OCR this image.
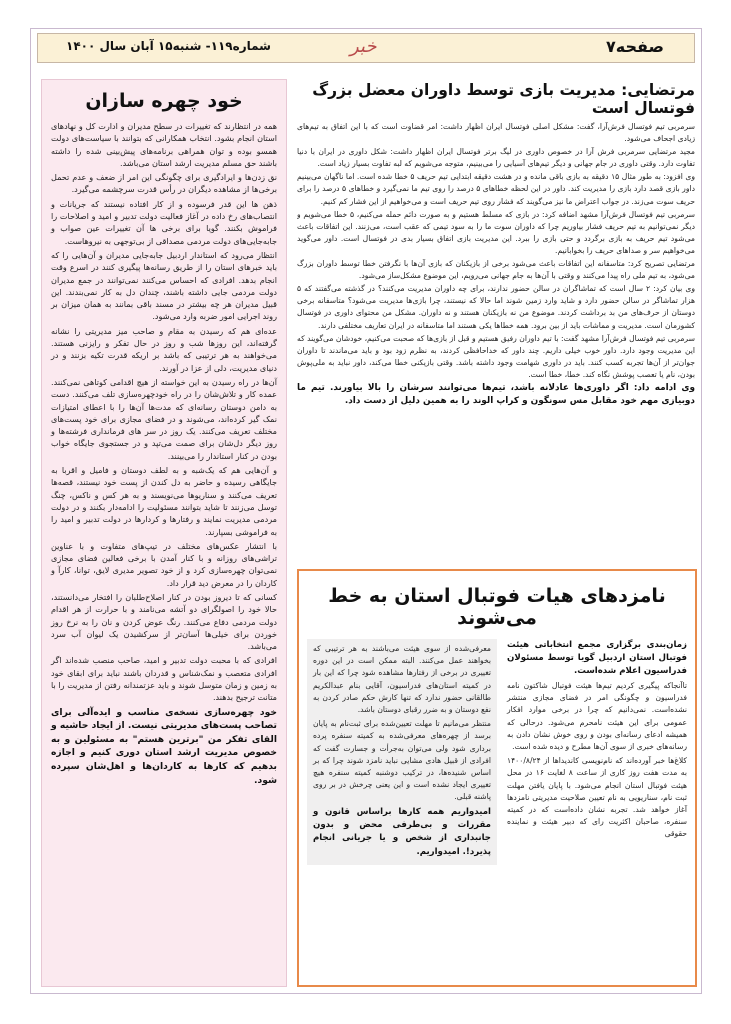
شماره۱۱۹- شنبه۱۵ آبان سال ۱۴۰۰	خبر	صفحه۷
خود چهره سازان

همه در انتظارند که تغییرات در سطح مدیران و ادارت کل و نهادهای استان انجام بشود. انتخاب همکارانی که بتوانند با سیاست‌های دولت همسو بوده و توان همراهی برنامه‌های پیش‌بینی شده را داشته باشند حق مسلم مدیریت ارشد استان می‌باشد.

نق زدن‌ها و ایرادگیری برای چگونگی این امر از ضعف و عدم تحمل برخی‌ها از مشاهده دیگران در رأس قدرت سرچشمه می‌گیرد.

ذهن ها این قدر فرسوده و از کار افتاده نیستند که جریانات و انتصاب‌های رخ داده در آغاز فعالیت دولت تدبیر و امید و اصلاحات را فراموش بکنند. گویا برای برخی ها آن تغییرات عین صواب و جابه‌جایی‌های دولت مردمی مصداقی از بی‌توجهی به نیروهاست.

انتظار می‌رود که استاندار اردبیل جابه‌جایی مدیران و آن‌هایی را که باید خبرهای استان را از طریق رسانه‌ها پیگیری کنند در اسرع وقت انجام بدهد. افرادی که احساس می‌کنند نمی‌توانند در جمع مدیران دولت مردمی جایی داشته باشند، چندان دل به کار نمی‌بندند. این قبیل مدیران هر چه بیشتر در مسند باقی بمانند به همان میزان بر روند اجرایی امور ضربه وارد می‌شود.

عده‌ای هم که رسیدن به مقام و صاحب میز مدیریتی را نشانه گرفته‌اند، این روزها شب و روز در حال تفکر و رایزنی هستند. می‌خواهند به هر ترتیبی که باشد بر اریکه قدرت تکیه بزنند و در دنیای مدیریت، دلی از عزا در آورند.

آن‌ها در راه رسیدن به این خواسته از هیچ اقدامی کوتاهی نمی‌کنند. عمده کار و تلاش‌شان را در راه خودچهره‌سازی تلف می‌کنند. دست به دامن دوستان رسانه‌ای که مدت‌ها آن‌ها را با اعطای امتیازات نمک گیر کرده‌اند، می‌شوند و در فضای مجازی برای خود پست‌های مختلف تعریف می‌کنند. یک روز در سر های فرمانداری فرشته‌ها و روز دیگر دل‌شان برای صمت می‌تپد و در جستجوی جایگاه خواب بودن در کنار استاندار را می‌بینند.

و آن‌هایی هم که یک‌شبه و به لطف دوستان و فامیل و اقربا به جایگاهی رسیده و حاضر به دل کندن از پست خود نیستند، قصه‌ها تعریف می‌کنند و سناریوها می‌نویسند و به هر کس و ناکس، چنگ توسل می‌زنند تا شاید بتوانند مسئولیت را ادامه‌دار بکنند و در دولت مردمی مدیریت نمایند و رفتارها و کردارها در دولت تدبیر و امید را به فراموشی بسپارند.

با انتشار عکس‌های مختلف در تیپ‌های متفاوت و با عناوین تراشی‌های روزانه و با کنار آمدن با برخی فعالین فضای مجازی نمی‌توان چهره‌سازی کرد و از خود تصویر مدیری لایق، توانا، کارآ و کاردان را در معرض دید قرار داد.

کسانی که تا دیروز بودن در کنار اصلاح‌طلبان را افتخار می‌دانستند، حالا خود را اصولگرای دو آتشه می‌نامند و با حرارت از هر اقدام دولت مردمی دفاع می‌کنند. رنگ عوض کردن و نان را به نرخ روز خوردن برای خیلی‌ها آسان‌تر از سرکشیدن یک لیوان آب سرد می‌باشد.

افرادی که با محبت دولت تدبیر و امید، صاحب منصب شده‌اند اگر افرادی متعصب و نمک‌شناس و قدردان باشند نباید برای ابقای خود به زمین و زمان متوسل شوند و باید عزتمندانه رفتن از مدیریت را با متانت ترجیح بدهند.

خود چهره‌سازی نسخه‌ی مناسب و ایده‌آلی برای تصاحب پست‌های مدیریتی نیست. از ایجاد حاشیه و القای تفکر من "برترین هستم" به مسئولین و به خصوص مدیریت ارشد استان دوری کنیم و اجازه بدهیم که کارها به کاردان‌ها و اهل‌شان سپرده شود.

مرتضایی: مدیریت بازی توسط داوران معضل بزرگ فوتسال است

سرمربی تیم فوتسال فرش‌آرا، گفت: مشکل اصلی فوتسال ایران اظهار داشت: امر قضاوت است که با این اتفاق به تیم‌های زیادی اجحاف می‌شود.

مجید مرتضایی سرمربی فرش آرا در خصوص داوری در لیگ برتر فوتسال ایران اظهار داشت: شکل داوری در ایران با دنیا تفاوت دارد. وقتی داوری در جام جهانی و دیگر تیم‌های آسیایی را می‌بینیم، متوجه می‌شویم که لبه تفاوت بسیار زیاد است.

وی افزود: به طور مثال ۱۵ دقیقه به بازی باقی مانده و در هشت دقیقه ابتدایی تیم حریف ۵ خطا شده است. اما ناگهان می‌بینیم داور بازی قصد دارد بازی را مدیریت کند. داور در این لحظه خطاهای ۵ درصد را روی تیم ما نمی‌گیرد و خطاهای ۵ درصد را برای حریف سوت می‌زند. در جواب اعتراض ما نیز می‌گویند که فشار روی تیم حریف است و می‌خواهیم از این فشار کم کنیم.

سرمربی تیم فوتسال فرش‌آرا مشهد اضافه کرد: در بازی که مسلط هستیم و به صورت دائم حمله می‌کنیم، ۵ خطا می‌شویم و دیگر نمی‌توانیم به تیم حریف فشار بیاوریم چرا که داوران سوت ما را به سود تیمی که عقب است، می‌زنند. این اتفاقات باعث می‌شود تیم حریف به بازی برگردد و حتی بازی را ببرد. این مدیریت بازی اتفاق بسیار بدی در فوتسال است. داور می‌گوید می‌خواهیم سر و صدا‌های حریف را بخوابانیم.

مرتضایی تصریح کرد: متاسفانه این اتفاقات باعث می‌شود برخی از بازیکنان که بازی آن‌ها با نگرفتن خطا توسط داوران بزرگ می‌شود، به تیم ملی راه پیدا می‌کنند و وقتی با آن‌ها به جام جهانی می‌رویم، این موضوع مشکل‌ساز می‌شود.

وی بیان کرد: ۲ سال است که تماشاگران در سالن حضور ندارند، برای چه داوران مدیریت می‌کنند؟ در گذشته می‌گفتند که ۵ هزار تماشاگر در سالن حضور دارد و شاید وارد زمین شوند اما حالا که نیستند، چرا بازی‌ها مدیریت می‌شود؟ متاسفانه برخی دوستان از حرف‌های من بد برداشت کردند. موضوع من نه بازیکنان هستند و نه داوران. مشکل من محتوای داوری در فوتسال کشورمان است. مدیریت و مماشات باید از بین برود. همه خطاها یکی هستند اما متاسفانه در ایران تعاریف مختلفی دارند.

سرمربی تیم فوتسال فرش‌آرا مشهد گفت: با تیم داوران رفیق هستیم و قبل از بازی‌ها که صحبت می‌کنیم، خودشان می‌گویند که این مدیریت وجود دارد. داور خوب خیلی داریم. چند داور که خداحافظی کردند، به نظرم زود بود و باید می‌ماندند تا داوران جوان‌تر از آن‌ها تجربه کسب کنند. باید در داوری شهامت وجود داشته باشد. وقتی بازیکنی خطا می‌کند، داور نباید به ملی‌پوش بودن، نام یا تعصب پوشش نگاه کند. خطا، خطا است.

وی ادامه داد: اگر داوری‌ها عادلانه باشد، تیم‌ها می‌توانند سرشان را بالا بیاورند. تیم ما دوبیازی مهم خود مقابل مس سونگون و کراپ الوند را به همین دلیل از دست داد.

نامزدهای هیات فوتبال استان به خط می‌شوند

زمان‌بندی برگزاری مجمع انتخاباتی هیئت فوتبال استان اردبیل گویا توسط مسئولان فدراسیون اعلام شده‌است.

تاآنجاکه پیگیری کردیم تیم‌ها هیئت فوتبال شاکتون نامه فدراسیون و چگونگی امر در فضای مجازی منتشر نشده‌است. نمی‌دانیم که چرا در برخی موارد افکار عمومی برای این هیئت نامحرم می‌شود. درحالی که همیشه ادعای رسانه‌ای بودن و روی خوش نشان دادن به رسانه‌های خبری از سوی آن‌ها مطرح و دیده شده است.

کلاغ‌ها خبر آورده‌اند که نام‌نویسی کاندیداها از ۱۴۰۰/۸/۲۴ به مدت هفت روز کاری از ساعت ۸ لغایت ۱۶ در محل هیئت فوتبال استان انجام می‌شود. با پایان یافتن مهلت ثبت نام، سناریویی به نام تعیین صلاحیت مدیریتی نامزدها آغاز خواهد شد. تجربه نشان داده‌است که در کمیته سنفره، صاحبان اکثریت رای که دبیر هیئت و نماینده حقوقی

معرفی‌شده از سوی هیئت می‌باشند به هر ترتیبی که بخواهند عمل می‌کنند. البته ممکن است در این دوره تغییری در برخی از رفتارها مشاهده شود چرا که این بار در کمیته استان‌های فدراسیون، آقایی بنام عبدالکریم طالقانی حضور ندارد که تنها کارش حکم صادر کردن به نفع دوستان و به ضرر رقبای دوستان باشد.

منتظر می‌مانیم تا مهلت تعیین‌شده برای ثبت‌نام به پایان برسد از چهره‌های معرفی‌شده به کمیته سنفره پرده برداری شود ولی می‌توان به‌جرأت و جسارت گفت که افرادی از قبیل هادی مشایی نباید نامزد شوند چرا که بر اساس شنیده‌ها، در ترکیب دوشنبه کمیته سنفره هیچ تغییری ایجاد نشده است و این یعنی چرخش در بر روی پاشنه قبلی.

امیدواریم همه کارها براساس قانون و مقررات و بی‌طرفی محض و بدون جانبداری از شخص و یا جریانی انجام پذیرد!. امیدواریم.
